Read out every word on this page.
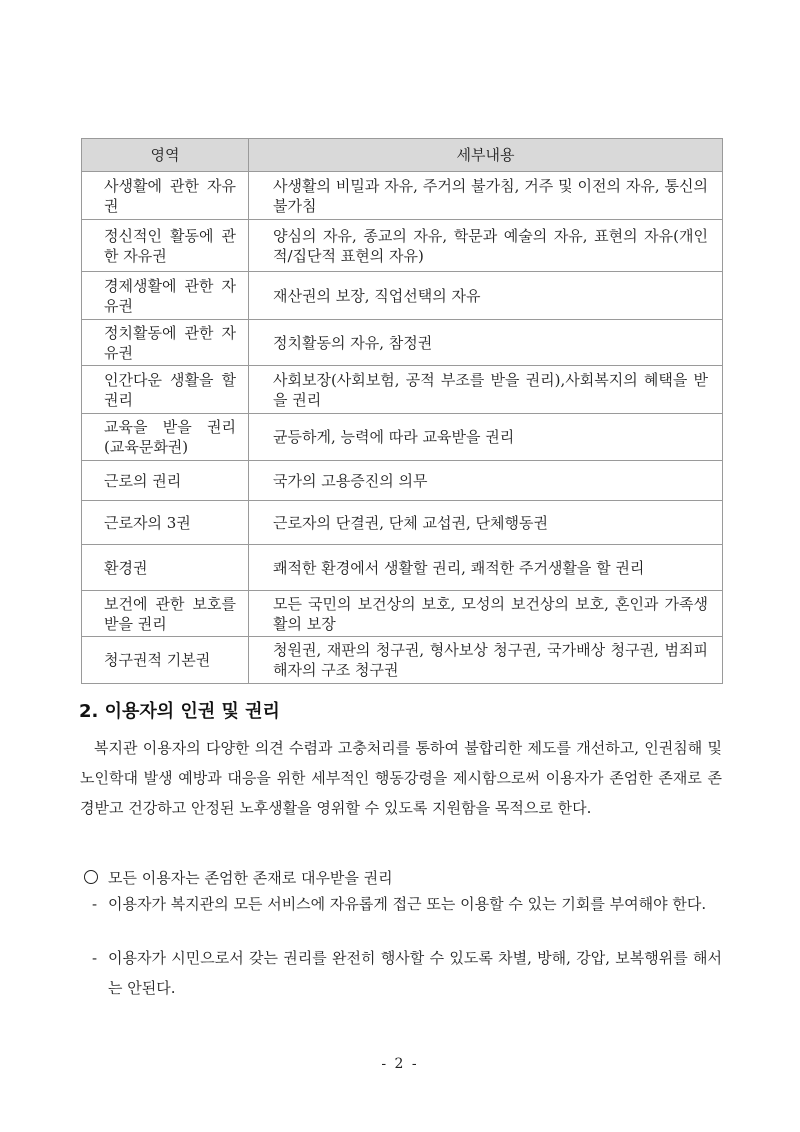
영역	세부내용
사생활에 관한 자유권	사생활의 비밀과 자유, 주거의 불가침, 거주 및 이전의 자유, 통신의 불가침
정신적인 활동에 관한 자유권	양심의 자유, 종교의 자유, 학문과 예술의 자유, 표현의 자유(개인적/집단적 표현의 자유)
경제생활에 관한 자유권	재산권의 보장, 직업선택의 자유
정치활동에 관한 자유권	정치활동의 자유, 참정권
인간다운 생활을 할 권리	사회보장(사회보험, 공적 부조를 받을 권리),사회복지의 혜택을 받을 권리
교육을 받을 권리 (교육문화권)	균등하게, 능력에 따라 교육받을 권리
근로의 권리	국가의 고용증진의 의무
근로자의 3권	근로자의 단결권, 단체 교섭권, 단체행동권
환경권	쾌적한 환경에서 생활할 권리, 쾌적한 주거생활을 할 권리
보건에 관한 보호를 받을 권리	모든 국민의 보건상의 보호, 모성의 보건상의 보호, 혼인과 가족생활의 보장
청구권적 기본권	청원권, 재판의 청구권, 형사보상 청구권, 국가배상 청구권, 범죄피해자의 구조 청구권
2. 이용자의 인권 및 권리

복지관 이용자의 다양한 의견 수렴과 고충처리를 통하여 불합리한 제도를 개선하고, 인권침해 및 노인학대 발생 예방과 대응을 위한 세부적인 행동강령을 제시함으로써 이용자가 존엄한 존재로 존경받고 건강하고 안정된 노후생활을 영위할 수 있도록 지원함을 목적으로 한다.

모든 이용자는 존엄한 존재로 대우받을 권리
- 이용자가 복지관의 모든 서비스에 자유롭게 접근 또는 이용할 수 있는 기회를 부여해야 한다.
- 이용자가 시민으로서 갖는 권리를 완전히 행사할 수 있도록 차별, 방해, 강압, 보복행위를 해서는 안된다.
- 2 -
